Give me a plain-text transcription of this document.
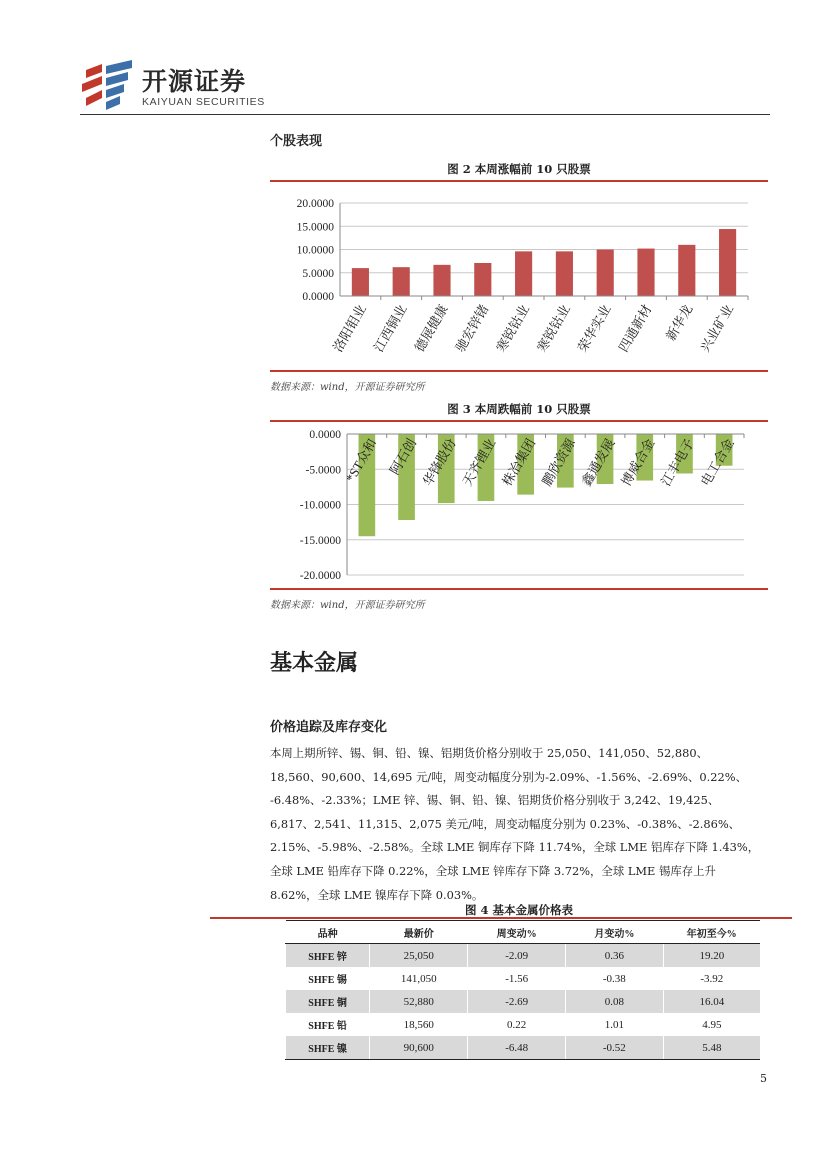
开源证券
KAIYUAN SECURITIES
个股表现
图 2 本周涨幅前 10 只股票
0.0000
5.0000
10.0000
15.0000
20.0000
洛阳钼业 江西铜业 德展健康 驰宏锌锗 寒锐钴业 寒锐钴业 荣华实业 四通新材 新华龙 兴业矿业
数据来源：wind，开源证券研究所
图 3 本周跌幅前 10 只股票
0.0000
-5.0000
-10.0000
-15.0000
-20.0000
*ST众和 阿石创 华锋股份 天齐锂业 株冶集团 鹏欣资源 鑫通发展 博威合金 江丰电子 电工合金
数据来源：wind，开源证券研究所
基本金属
价格追踪及库存变化
本周上期所锌、锡、铜、铅、镍、铝期货价格分别收于 25,050、141,050、52,880、
18,560、90,600、14,695 元/吨，周变动幅度分别为-2.09%、-1.56%、-2.69%、0.22%、
-6.48%、-2.33%；LME 锌、锡、铜、铅、镍、铝期货价格分别收于 3,242、19,425、
6,817、2,541、11,315、2,075 美元/吨，周变动幅度分别为 0.23%、-0.38%、-2.86%、
2.15%、-5.98%、-2.58%。全球 LME 铜库存下降 11.74%，全球 LME 铝库存下降 1.43%，
全球 LME 铅库存下降 0.22%，全球 LME 锌库存下降 3.72%，全球 LME 锡库存上升
8.62%，全球 LME 镍库存下降 0.03%。
图 4 基本金属价格表
品种	最新价	周变动%	月变动%	年初至今%
SHFE 锌	25,050	-2.09	0.36	19.20
SHFE 锡	141,050	-1.56	-0.38	-3.92
SHFE 铜	52,880	-2.69	0.08	16.04
SHFE 铅	18,560	0.22	1.01	4.95
SHFE 镍	90,600	-6.48	-0.52	5.48
5
